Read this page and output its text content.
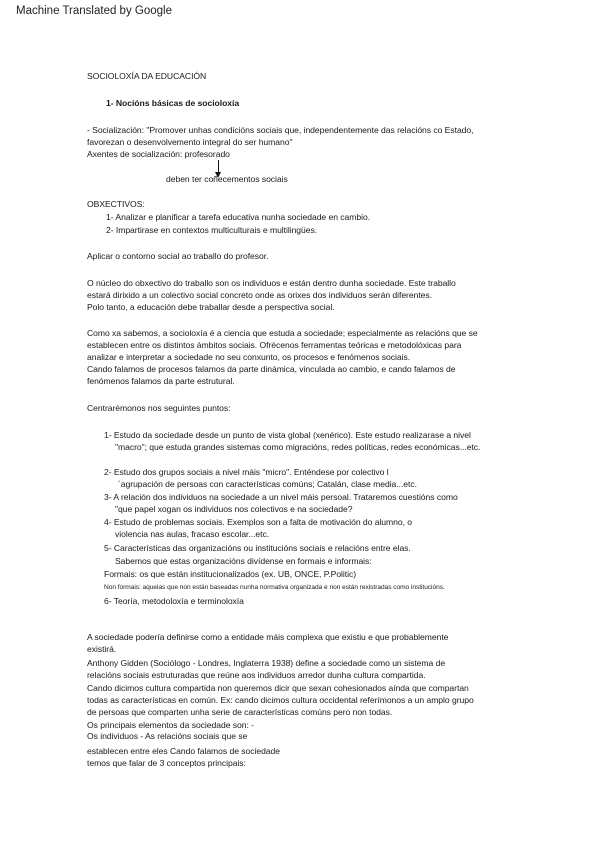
Machine Translated by Google
SOCIOLOXÍA DA EDUCACIÓN
1- Nocións básicas de socioloxía
- Socialización: "Promover unhas condicións sociais que, independentemente das relacións co Estado,
favorezan o desenvolvemento integral do ser humano"
Axentes de socialización: profesorado
deben ter coñecementos sociais
OBXECTIVOS:
1- Analizar e planificar a tarefa educativa nunha sociedade en cambio.
2- Impartirase en contextos multiculturais e multilingües.
Aplicar o contorno social ao traballo do profesor.
O núcleo do obxectivo do traballo son os individuos e están dentro dunha sociedade. Este traballo
estará dirixido a un colectivo social concreto onde as orixes dos individuos serán diferentes.
Polo tanto, a educación debe traballar desde a perspectiva social.
Como xa sabemos, a socioloxía é a ciencia que estuda a sociedade; especialmente as relacións que se
establecen entre os distintos ámbitos sociais. Ofrécenos ferramentas teóricas e metodolóxicas para
analizar e interpretar a sociedade no seu conxunto, os procesos e fenómenos sociais.
Cando falamos de procesos falamos da parte dinámica, vinculada ao cambio, e cando falamos de
fenómenos falamos da parte estrutural.
Centrarémonos nos seguintes puntos:
1- Estudo da sociedade desde un punto de vista global (xenérico). Este estudo realizarase a nivel
"macro"; que estuda grandes sistemas como migracións, redes políticas, redes económicas...etc.
2- Estudo dos grupos sociais a nivel máis "micro". Enténdese por colectivo l
´agrupación de persoas con características comúns; Catalán, clase media...etc.
3- A relación dos individuos na sociedade a un nivel máis persoal. Trataremos cuestións como
"que papel xogan os individuos nos colectivos e na sociedade?
4- Estudo de problemas sociais. Exemplos son a falta de motivación do alumno, o
violencia nas aulas, fracaso escolar...etc.
5- Características das organizacións ou institucións sociais e relacións entre elas.
Sabemos que estas organizacións divídense en formais e informais:
Formais: os que están institucionalizados (ex. UB, ONCE, P.Politic)
Non formais: aquelas que non están baseadas nunha normativa organizada e non están rexistradas como institucións.
6- Teoría, metodoloxía e terminoloxía
A sociedade podería definirse como a entidade máis complexa que existiu e que probablemente
existirá.
Anthony Gidden (Sociólogo - Londres, Inglaterra 1938) define a sociedade como un sistema de
relacións sociais estruturadas que reúne aos individuos arredor dunha cultura compartida.
Cando dicimos cultura compartida non queremos dicir que sexan cohesionados aínda que compartan
todas as características en común. Ex: cando dicimos cultura occidental referímonos a un amplo grupo
de persoas que comparten unha serie de características comúns pero non todas.
Os principais elementos da sociedade son: -
Os individuos - As relacións sociais que se
establecen entre eles Cando falamos de sociedade
temos que falar de 3 conceptos principais:
